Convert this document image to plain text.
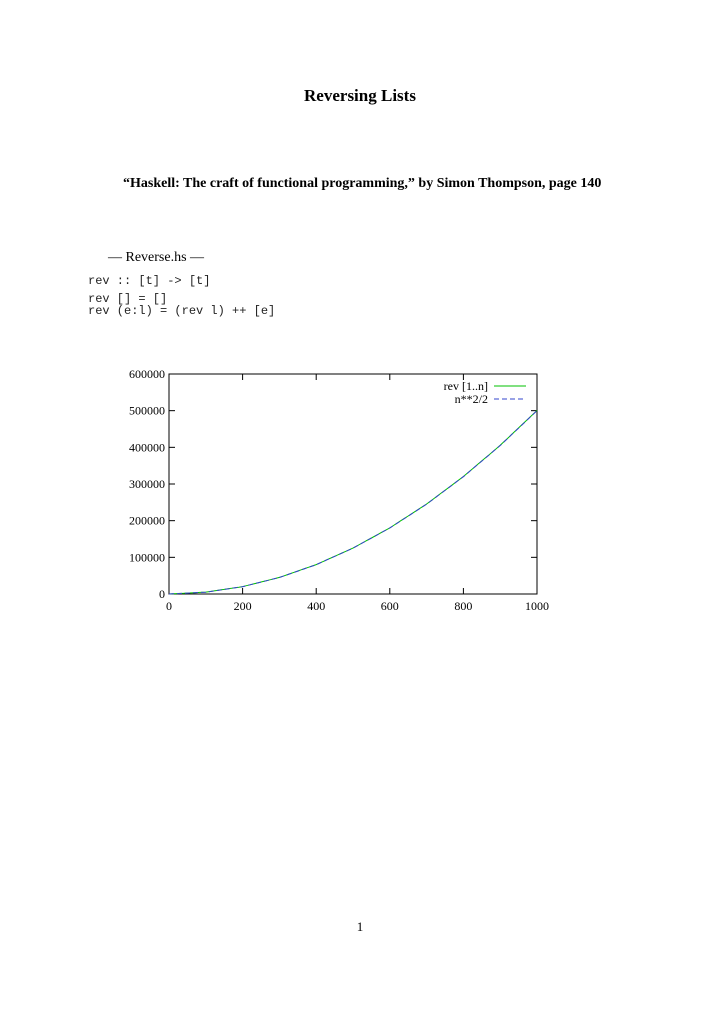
Reversing Lists
“Haskell: The craft of functional programming,” by Simon Thompson, page 140
— Reverse.hs —
rev :: [t] -> [t]
rev [] = []
rev (e:l) = (rev l) ++ [e]
0	200	400	600	800	1000
0
100000
200000
300000
400000
500000
600000
rev [1..n]
n**2/2
1
